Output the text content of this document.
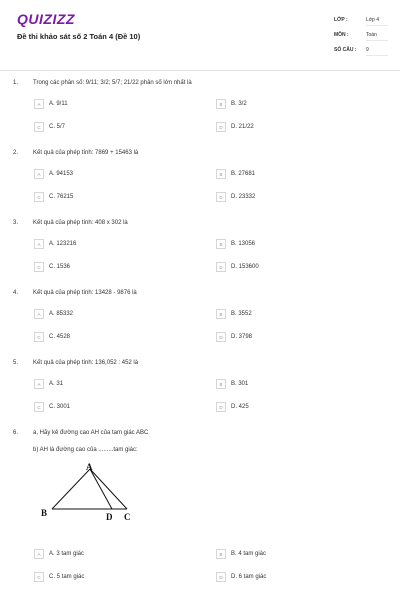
QUIZIZZ
Đề thi khảo sát số 2 Toán 4 (Đề 10)
LỚP :	Lớp 4
MÔN :	Toán
SỐ CÂU : 9
1. Trong các phân số: 9/11; 3/2; 5/7; 21/22 phân số lớn nhất là
A	A. 9/11	B	B. 3/2
C	C. 5/7	D	D. 21/22
2. Kết quả của phép tính: 7869 + 15463 là
A	A. 94153	B	B. 27681
C	C. 76215	D	D. 23332
3. Kết quả của phép tính: 408 x 302 là
A	A. 123216	B	B. 13056
C	C. 1536	D	D. 153600
4. Kết quả của phép tính: 13428 - 9876 là
A	A. 85332	B	B. 3552
C	C. 4528	D	D. 3798
5. Kết quả của phép tính: 136,052 : 452 là
A	A. 31	B	B. 301
C	C. 3001	D	D. 425
6. a, Hãy kẻ đường cao AH của tam giác ABC
b) AH là đường cao của .........tam giác:
A
B	D C
A	A. 3 tam giác	B	B. 4 tam giác
C	C. 5 tam giác	D	D. 6 tam giác
